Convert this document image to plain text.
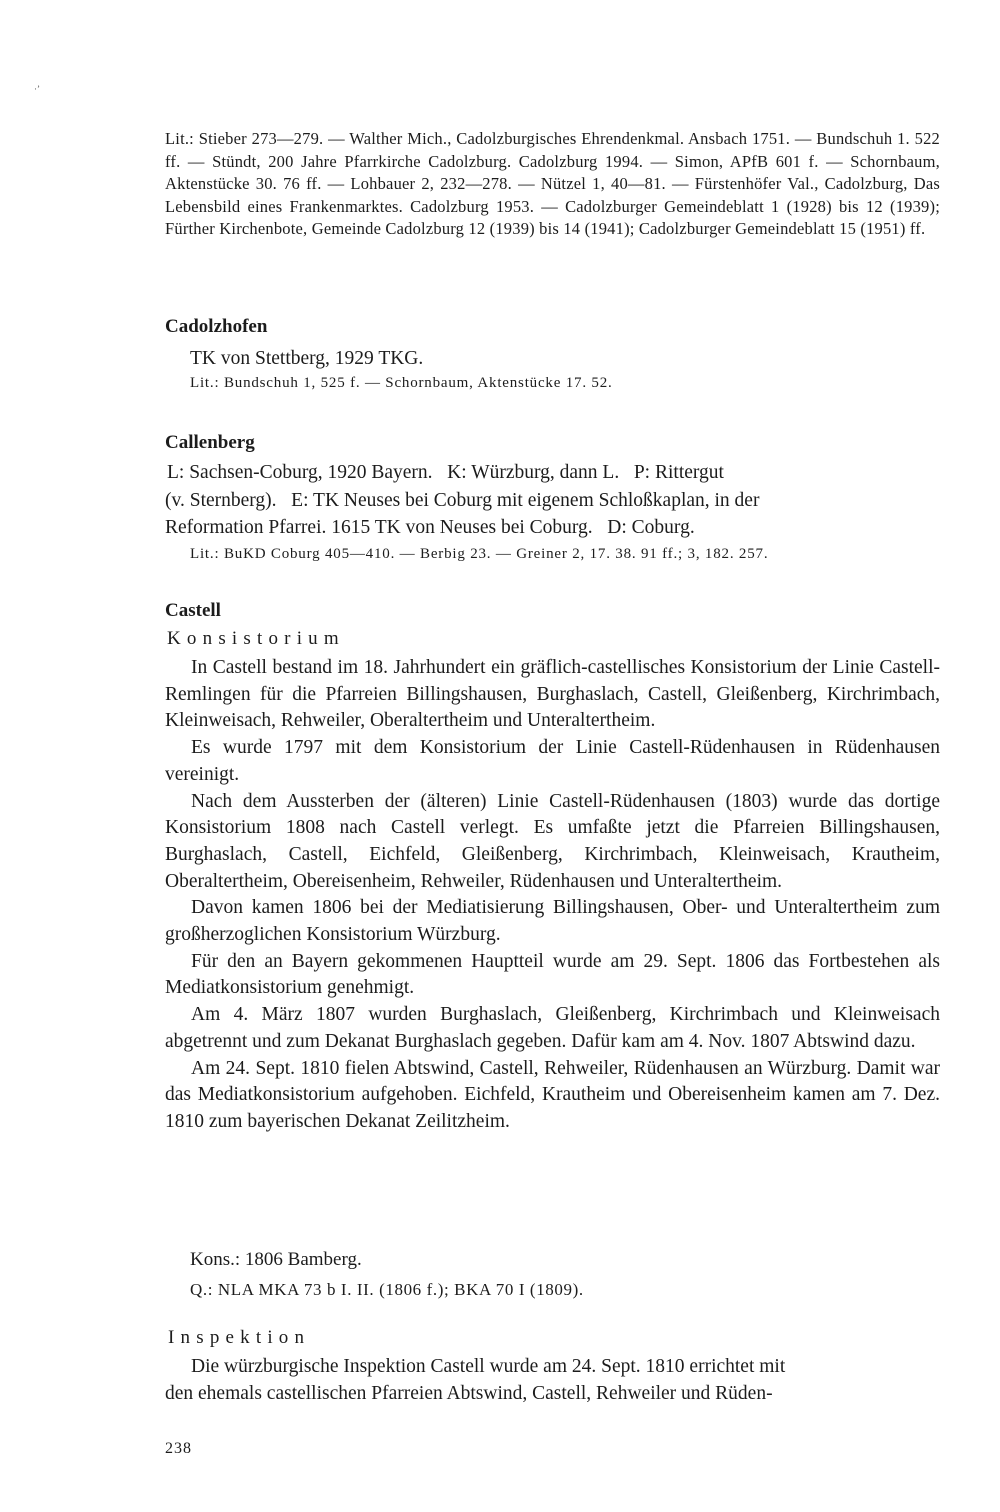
·’

Lit.: Stieber 273—279. — Walther Mich., Cadolzburgisches Ehrendenkmal. Ansbach 1751. — Bundschuh 1. 522 ff. — Stündt, 200 Jahre Pfarrkirche Cadolzburg. Cadolzburg 1994. — Simon, APfB 601 f. — Schornbaum, Aktenstücke 30. 76 ff. — Lohbauer 2, 232—278. — Nützel 1, 40—81. — Fürstenhöfer Val., Cadolzburg, Das Lebensbild eines Frankenmarktes. Cadolzburg 1953. — Cadolzburger Gemeindeblatt 1 (1928) bis 12 (1939); Fürther Kirchenbote, Gemeinde Cadolzburg 12 (1939) bis 14 (1941); Cadolzburger Gemeindeblatt 15 (1951) ff.

Cadolzhofen
TK von Stettberg, 1929 TKG.
Lit.: Bundschuh 1, 525 f. — Schornbaum, Aktenstücke 17. 52.
Callenberg
L: Sachsen-Coburg, 1920 Bayern.   K: Würzburg, dann L.   P: Rittergut
(v. Sternberg).   E: TK Neuses bei Coburg mit eigenem Schloßkaplan, in der
Reformation Pfarrei. 1615 TK von Neuses bei Coburg.   D: Coburg.
Lit.: BuKD Coburg 405—410. — Berbig 23. — Greiner 2, 17. 38. 91 ff.; 3, 182. 257.
Castell
Konsistorium

In Castell bestand im 18. Jahrhundert ein gräflich-castellisches Konsistorium der Linie Castell-Remlingen für die Pfarreien Billingshausen, Burghaslach, Castell, Gleißenberg, Kirchrimbach, Kleinweisach, Rehweiler, Oberaltertheim und Unteraltertheim.

Es wurde 1797 mit dem Konsistorium der Linie Castell-Rüdenhausen in Rüdenhausen vereinigt.

Nach dem Aussterben der (älteren) Linie Castell-Rüdenhausen (1803) wurde das dortige Konsistorium 1808 nach Castell verlegt. Es umfaßte jetzt die Pfarreien Billingshausen, Burghaslach, Castell, Eichfeld, Gleißenberg, Kirchrimbach, Kleinweisach, Krautheim, Oberaltertheim, Obereisenheim, Rehweiler, Rüdenhausen und Unteraltertheim.

Davon kamen 1806 bei der Mediatisierung Billingshausen, Ober- und Unteraltertheim zum großherzoglichen Konsistorium Würzburg.

Für den an Bayern gekommenen Hauptteil wurde am 29. Sept. 1806 das Fortbestehen als Mediatkonsistorium genehmigt.

Am 4. März 1807 wurden Burghaslach, Gleißenberg, Kirchrimbach und Kleinweisach abgetrennt und zum Dekanat Burghaslach gegeben. Dafür kam am 4. Nov. 1807 Abtswind dazu.

Am 24. Sept. 1810 fielen Abtswind, Castell, Rehweiler, Rüdenhausen an Würzburg. Damit war das Mediatkonsistorium aufgehoben. Eichfeld, Krautheim und Obereisenheim kamen am 7. Dez. 1810 zum bayerischen Dekanat Zeilitzheim.

Kons.: 1806 Bamberg.
Q.: NLA MKA 73 b I. II. (1806 f.); BKA 70 I (1809).
Inspektion
Die würzburgische Inspektion Castell wurde am 24. Sept. 1810 errichtet mit
den ehemals castellischen Pfarreien Abtswind, Castell, Rehweiler und Rüden-
238
